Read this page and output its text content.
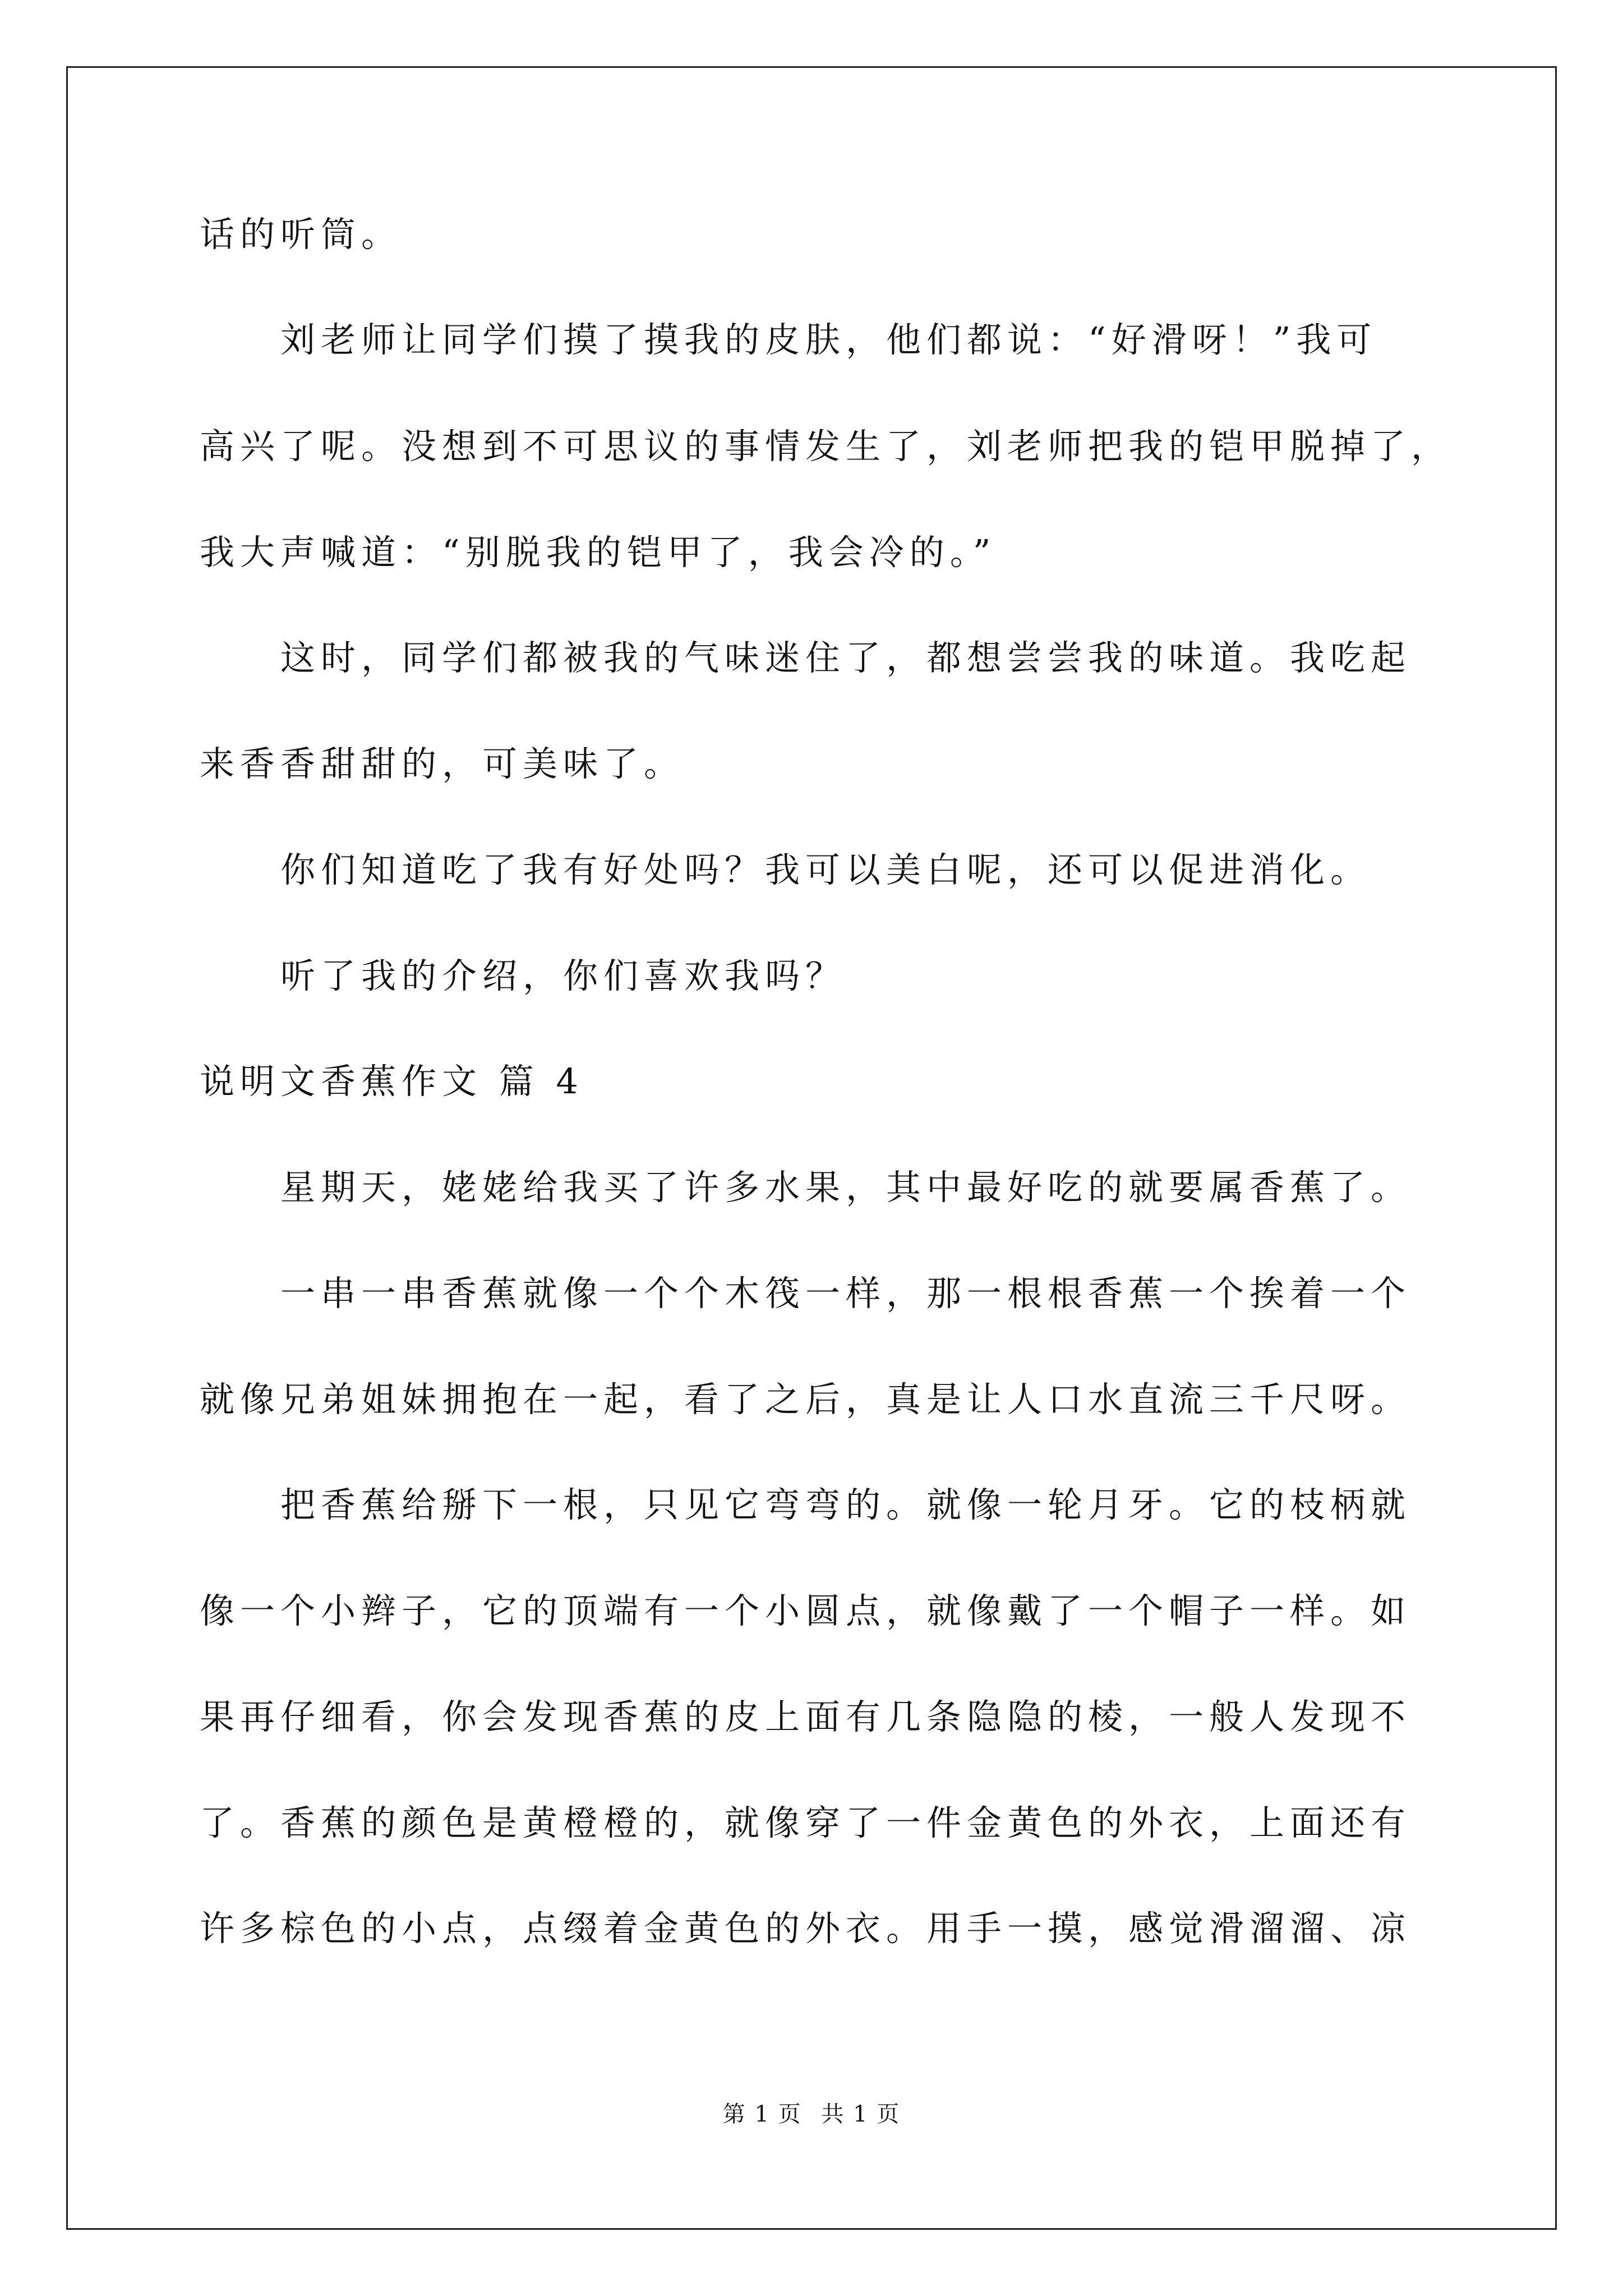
话的听筒。
刘老师让同学们摸了摸我的皮肤，他们都说：“好滑呀！”我可
高兴了呢。没想到不可思议的事情发生了，刘老师把我的铠甲脱掉了，
我大声喊道：“别脱我的铠甲了，我会冷的。”
这时，同学们都被我的气味迷住了，都想尝尝我的味道。我吃起
来香香甜甜的，可美味了。
你们知道吃了我有好处吗？我可以美白呢，还可以促进消化。
听了我的介绍，你们喜欢我吗？
说明文香蕉作文 篇 4
星期天，姥姥给我买了许多水果，其中最好吃的就要属香蕉了。
一串一串香蕉就像一个个木筏一样，那一根根香蕉一个挨着一个
就像兄弟姐妹拥抱在一起，看了之后，真是让人口水直流三千尺呀。
把香蕉给掰下一根，只见它弯弯的。就像一轮月牙。它的枝柄就
像一个小辫子，它的顶端有一个小圆点，就像戴了一个帽子一样。如
果再仔细看，你会发现香蕉的皮上面有几条隐隐的棱，一般人发现不
了。香蕉的颜色是黄橙橙的，就像穿了一件金黄色的外衣，上面还有
许多棕色的小点，点缀着金黄色的外衣。用手一摸，感觉滑溜溜、凉
第 1 页 共 1 页
